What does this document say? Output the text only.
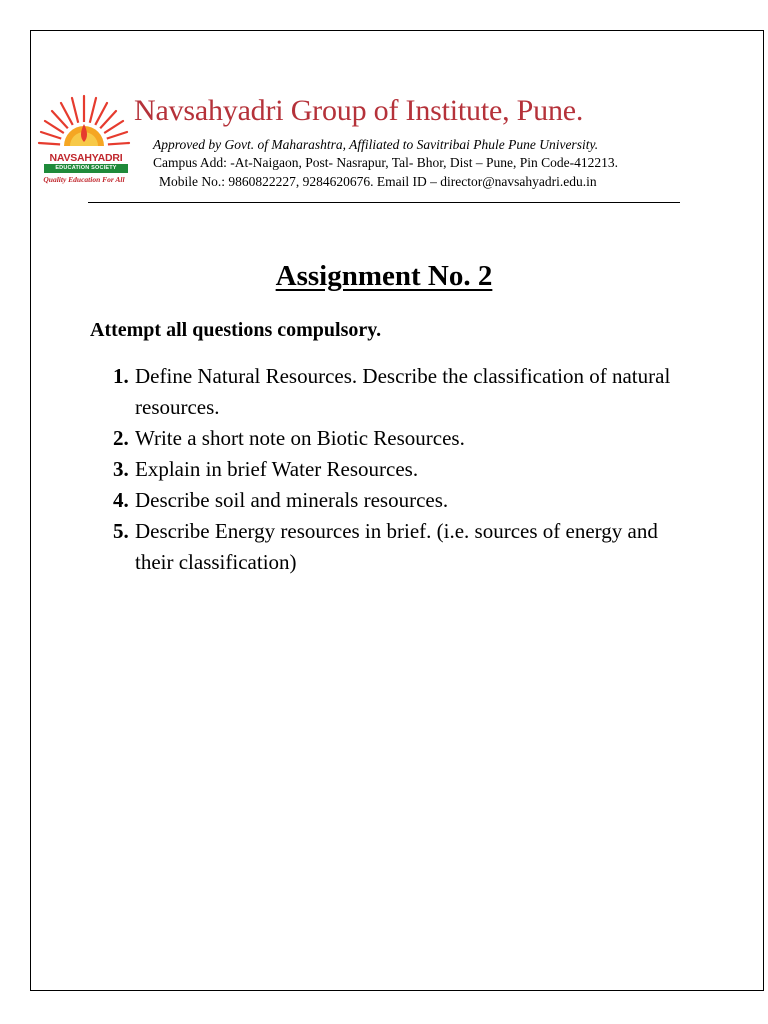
NAVSAHYADRI
EDUCATION SOCIETY
Quality Education For All
Navsahyadri Group of Institute, Pune.
Approved by Govt. of Maharashtra, Affiliated to Savitribai Phule Pune University.
Campus Add: -At-Naigaon, Post- Nasrapur, Tal- Bhor, Dist – Pune, Pin Code-412213.
Mobile No.: 9860822227, 9284620676. Email ID – director@navsahyadri.edu.in
Assignment No. 2
Attempt all questions compulsory.
1. Define Natural Resources. Describe the classification of natural resources.
2. Write a short note on Biotic Resources.
3. Explain in brief Water Resources.
4. Describe soil and minerals resources.
5. Describe Energy resources in brief. (i.e. sources of energy and their classification)
